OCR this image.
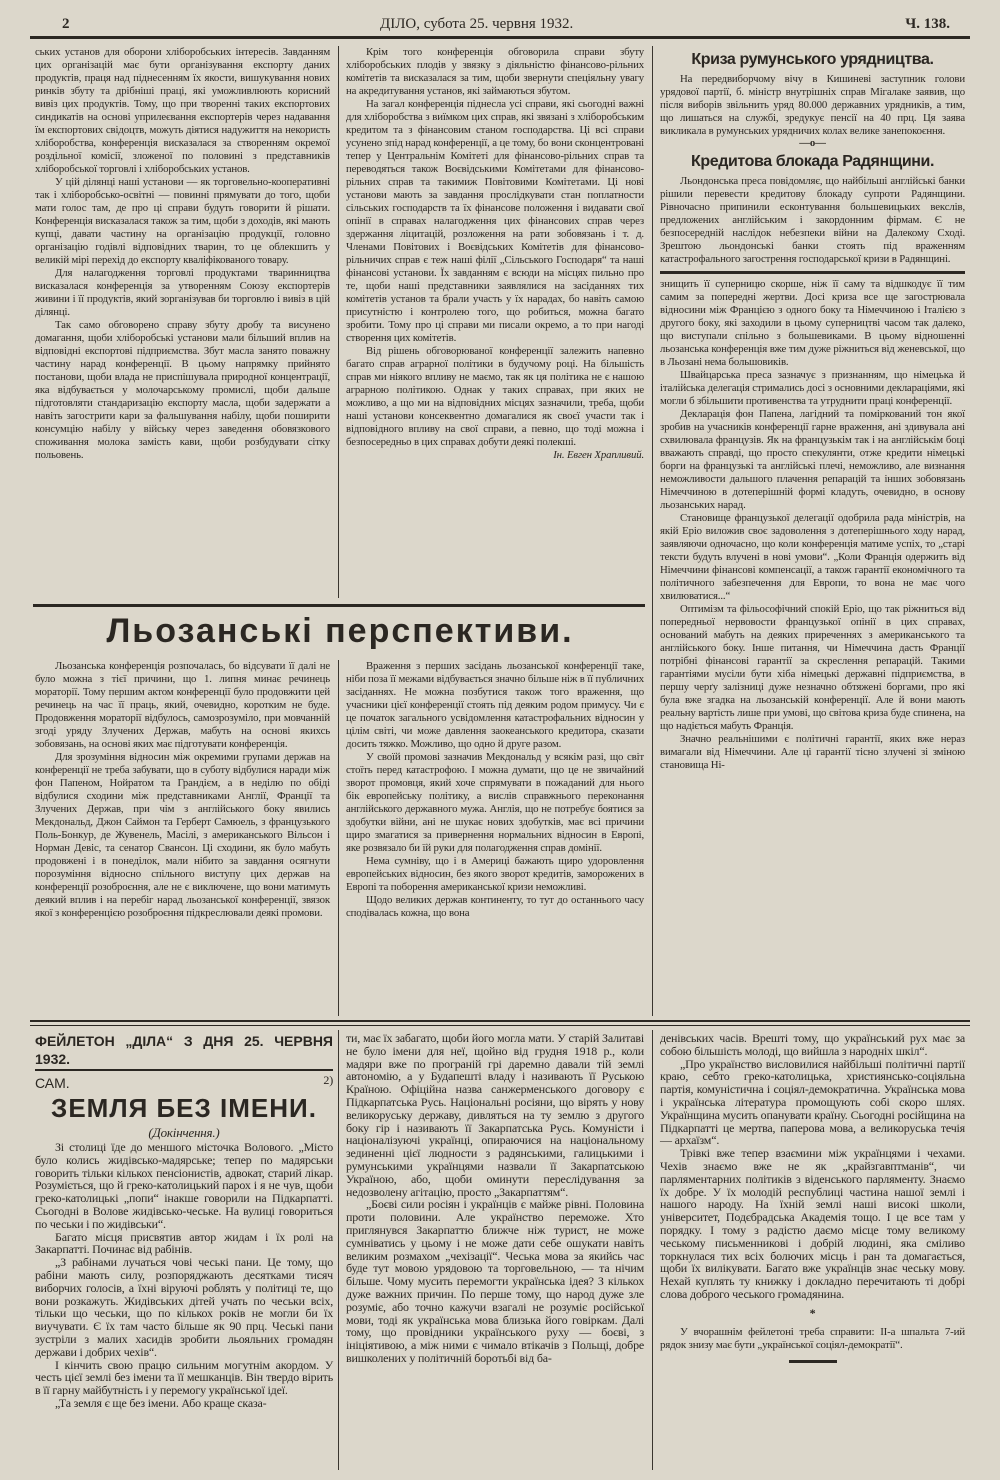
2	ДІЛО, субота 25. червня 1932.	Ч. 138.

ських установ для оборони хліборобських інтересів. Завданням цих організацій має бути організування експорту даних продуктів, праця над піднесенням їх якости, вишукування нових ринків збуту та дрібніші праці, які уможливлюють корисний вивіз цих продуктів. Тому, що при творенні таких експортових синдикатів на основі уприлеєвання експортерів через надавання їм експортових свідоцтв, можуть діятися надужиття на некористь хліборобства, конференція висказалася за створенням окремої роздільної комісії, зложеної по половині з представників хліборобської торговлі і хліборобських установ.

У цій ділянці наші установи — як торговельно-кооперативні так і хліборобсько-освітні — повинні прямувати до того, щоби мати голос там, де про ці справи будуть говорити й рішати. Конференція висказалася також за тим, щоби з доходів, які мають купці, давати частину на організацію продукції, головно організацію годівлі відповідних тварин, то це облекшить у великій мірі перехід до експорту кваліфікованого товару.

Для налагодження торговлі продуктами тваринництва висказалася конференція за утворенням Союзу експортерів живини і її продуктів, який зорганізував би торговлю і вивіз в цій ділянці.

Так само обговорено справу збуту дробу та висунено домагання, щоби хліборобські установи мали більший вплив на відповідні експортові підприємства. Збут масла занято поважну частину нарад конференції. В цьому напрямку прийнято постанови, щоби влада не приспішувала природної концентрації, яка відбувається у молочарському промислі, щоби дальше підготовляти стандаризацію експорту масла, щоби задержати а навіть загострити кари за фальшування набілу, щоби поширити консумцію набілу у війську через заведення обовязкового споживання молока замість кави, щоби розбудувати сітку польовень.

Крім того конференція обговорила справи збуту хліборобських плодів у звязку з діяльністю фінансово-рільних комітетів та висказалася за тим, щоби звернути спеціяльну увагу на акредитування установ, які займаються збутом.

На загал конференція піднесла усі справи, які сьогодні важні для хліборобства з виїмком цих справ, які звязані з хліборобським кредитом та з фінансовим станом господарства. Ці всі справи усунено зпід нарад конференції, а це тому, бо вони сконцентровані тепер у Центральнім Комітеті для фінансово-рільних справ та переводяться також Воєвідськими Комітетами для фінансово-рільних справ та такимиж Повітовими Комітетами. Ці нові установи мають за завдання прослідкувати стан поплатности сільських господарств та їх фінансове положення і видавати свої опінії в справах налагодження цих фінансових справ через здержання ліцитацій, розложення на рати зобовязань і т. д. Членами Повітових і Воєвідських Комітетів для фінансово-рільничих справ є теж наші філії „Сільського Господаря“ та наші фінансові установи. Їх завданням є всюди на місцях пильно про те, щоби наші представники заявлялися на засіданнях тих комітетів установ та брали участь у їх нарадах, бо навіть самою присутністю і контролею того, що робиться, можна багато зробити. Тому про ці справи ми писали окремо, а то при нагоді створення цих комітетів.

Від рішень обговорюваної конференції залежить напевно багато справ аграрної політики в будучому році. На більшість справ ми ніякого впливу не маємо, так як ця політика не є нашою аграрною політикою. Однак у таких справах, при яких не можливо, а що ми на відповідних місцях зазначили, треба, щоби наші установи консеквентно домагалися як своєї участи так і відповідного впливу на свої справи, а певно, що тоді можна і безпосередньо в цих справах добути деякі полекші.

Ін. Евген Храпливий.
Криза румунського урядництва.

На передвиборчому вічу в Кишиневі заступник голови урядової партії, б. міністр внутрішніх справ Мігалаке заявив, що після виборів звільнить уряд 80.000 державних урядників, а тим, що лишаться на службі, зредукує пенсії на 40 прц. Ця заява викликала в румунських урядничих колах велике занепокоєння.

—o—
Кредитова блокада Радянщини.

Льондонська преса повідомляє, що найбільші англійські банки рішили перевести кредитову блокаду супроти Радянщини. Рівночасно припинили есконтування большевицьких векслів, предложених англійським і закордонним фірмам. Є не безпосередній наслідок небезпеки війни на Далекому Сході. Зрештою льондонські банки стоять під враженням катастрофального загострення господарської кризи в Радянщині.

знищить її суперницю скорше, ніж її саму та відшкодує її тим самим за попередні жертви. Досі криза все ще загострювала відносини між Францією з одного боку та Німеччиною і Італією з другого боку, які заходили в цьому суперництві часом так далеко, що виступали спільно з большевиками. В цьому відношенні льозанська конференція вже тим дуже ріжниться від женевської, що в Льозані нема большовиків.

Швайцарська преса зазначує з признанням, що німецька й італійська делегація стримались досі з основними деклараціями, які могли б збільшити противенства та утруднити праці конференції.

Декларація фон Папена, лагідний та поміркований тон якої зробив на учасників конференції гарне враження, ані здивувала ані схвилювала французів. Як на французькім так і на англійськім боці вважають справді, що просто спекулянти, отже кредити німецькі борги на французькі та англійські плечі, неможливо, але визнання неможливости дальшого плачення репарацій та інших зобовязань Німеччиною в дотеперішній формі кладуть, очевидно, в основу льозанських нарад.

Становище французької делегації одобрила рада міністрів, на якій Еріо виложив своє задоволення з дотеперішнього ходу нарад, заявляючи одночасно, що коли конференція матиме успіх, то „старі тексти будуть влучені в нові умови“. „Коли Франція одержить від Німеччини фінансові компенсації, а також гарантії економічного та політичного забезпечення для Европи, то вона не має чого хвилюватися...“

Оптимізм та фільософічний спокій Еріо, що так ріжниться від попередньої нервовости французької опінії в цих справах, оснований мабуть на деяких приреченнях з американського та англійського боку. Інше питання, чи Німеччина дасть Франції потрібні фінансові гарантії за скреслення репарацій. Такими гарантіями мусіли бути хіба німецькі державні підприємства, в першу черґу залізниці дуже незначно обтяжені боргами, про які була вже згадка на льозанській конференції. Але й вони мають реальну вартість лише при умові, що світова криза буде спинена, на що надіється мабуть Франція.

Значно реальнішими є політичні гарантії, яких вже нераз вимагали від Німеччини. Але ці гарантії тісно злучені зі зміною становища Ні-

Льозанські перспективи.

Льозанська конференція розпочалась, бо відсувати її далі не було можна з тієї причини, що 1. липня минає речинець мораторії. Тому першим актом конференції було продовжити цей речинець на час її праць, який, очевидно, коротким не буде. Продовження мораторії відбулось, самозрозуміло, при мовчанній згоді уряду Злучених Держав, мабуть на основі якихсь зобовязань, на основі яких має підготувати конференція.

Для зрозуміння відносин між окремими групами держав на конференції не треба забувати, що в суботу відбулися наради між фон Папеном, Нойратом та Грандієм, а в неділю по обіді відбулися сходини між представниками Англії, Франції та Злучених Держав, при чім з англійського боку явились Мекдональд, Джон Саймон та Герберт Самюель, з французького Поль-Бонкур, де Жувенель, Масілі, з американського Вільсон і Норман Девіс, та сенатор Свансон. Ці сходини, як було мабуть продовжені і в понеділок, мали нібито за завдання осягнути порозуміння відносно спільного виступу цих держав на конференції розоброєння, але не є виключене, що вони матимуть деякий вплив і на перебіг нарад льозанської конференції, звязок якої з конференцією розоброєння підкреслювали деякі промови.

Враження з перших засідань льозанської конференції таке, ніби поза її межами відбувається значно більше ніж в її публичних засіданнях. Не можна позбутися також того враження, що учасники цієї конференції стоять під деяким родом примусу. Чи є це початок загального усвідомлення катастрофальних відносин у цілім світі, чи може давлення заокеанського кредитора, сказати досить тяжко. Можливо, що одно й друге разом.

У своїй промові зазначив Мекдональд у всякім разі, що світ стоїть перед катастрофою. І можна думати, що це не звичайний зворот промовця, який хоче спрямувати в пожаданий для нього бік европейську політику, а вислів справжнього переконання англійського державного мужа. Англія, що не потребує боятися за здобутки війни, ані не шукає нових здобутків, має всі причини щиро змагатися за привернення нормальних відносин в Европі, яке розвязало би їй руки для полагодження справ домінії.

Нема сумніву, що і в Америці бажають щиро удоровлення европейських відносин, без якого зворот кредитів, заморожених в Европі та поборення американської кризи неможливі.

Щодо великих держав континенту, то тут до останнього часу сподівалась кожна, що вона

ФЕЙЛЕТОН „ДІЛА“ З ДНЯ 25. ЧЕРВНЯ 1932.
САМ.	2)
ЗЕМЛЯ БЕЗ ІМЕНИ.
(Докінчення.)

Зі столиці їде до меншого місточка Волового. „Місто було колись жидівсько-мадярське; тепер по мадярськи говорить тільки кількох пенсіонистів, адвокат, старий лікар. Розуміється, що й греко-католицький парох і я не чув, щоби греко-католицькі „попи“ інакше говорили на Підкарпатті. Сьогодні в Волове жидівсько-чеське. На вулиці говориться по чеськи і по жидівськи“.

Багато місця присвятив автор жидам і їх ролі на Закарпатті. Починає від рабінів.

„З рабінами лучаться чові чеські пани. Це тому, що рабіни мають силу, розпоряджають десятками тисяч виборчих голосів, а їхні віруючі роблять у політиці те, що вони розкажуть. Жидівських дітей учать по чеськи всіх, тільки що чеськи, що по кількох років не могли би їх виучувати. Є їх там часто більше як 90 прц. Чеські пани зустріли з малих хасидів зробити льояльних громадян держави і добрих чехів“.

І кінчить свою працю сильним могутнім акордом. У честь цієї землі без імени та її мешканців. Він твердо вірить в її гарну майбутність і у перемогу української ідеї.

„Та земля є ще без імени. Або краще сказа-

ти, має їх забагато, щоби його могла мати. У старій Залитаві не було імени для неї, щойно від грудня 1918 р., коли мадяри вже по програній грі даремно давали тій землі автономію, а у Будапешті владу і називають її Руською Країною. Офіційна назва санжерменського договору є Підкарпатська Русь. Національні росіяни, що вірять у нову великоруську державу, дивляться на ту землю з другого боку гір і називають її Закарпатська Русь. Комуністи і націоналізуючі українці, опираючися на національному зединенні цієї людности з радянськими, галицькими і румунськими українцями назвали її Закарпатською Україною, або, щоби оминути переслідування за недозволену агітацію, просто „Закарпаттям“.

„Боєві сили росіян і українців є майже рівні. Половина проти половини. Але українство переможе. Хто приглянувся Закарпаттю ближче ніж турист, не може сумніватись у цьому і не може дати себе ошукати навіть великим розмахом „чехізації“. Чеська мова за якийсь час буде тут мовою урядовою та торговельною, — та нічим більше. Чому мусить перемогти українська ідея? З кількох дуже важних причин. По перше тому, що народ дуже зле розуміє, або точно кажучи взагалі не розуміє російської мови, тоді як українська мова близька його говіркам. Далі тому, що провідники українського руху — боєві, з ініціятивою, а між ними є чимало втікачів з Польщі, добре вишколених у політичній боротьбі від ба-

денівських часів. Врешті тому, що український рух має за собою більшість молоді, що вийшла з народніх шкіл“.

„Про українство висловилися найбільші політичні партії краю, себто греко-католицька, християнсько-соціяльна партія, комуністична і соціял-демократична. Українська мова і українська література промощують собі скоро шлях. Українщина мусить опанувати країну. Сьогодні російщина на Підкарпатті це мертва, паперова мова, а великоруська течія — архаїзм“.

Трівкі вже тепер взаємини між українцями і чехами. Чехів знаємо вже не як „крайзгавптманів“, чи парляментарних політиків з віденського парляменту. Знаємо їх добре. У їх молодій республиці частина нашої землі і нашого народу. На їхній землі наші високі школи, університет, Подєбрадська Академія тощо. І це все там у порядку. І тому з радістю даємо місце тому великому чеському письменникові і добрій людині, яка сміливо торкнулася тих всіх болючих місць і ран та домагається, щоби їх вилікувати. Багато вже українців знає чеську мову. Нехай куплять ту книжку і докладно перечитають ті добрі слова доброго чеського громадянина.

*

У вчорашнім фейлетоні треба справити: ІІ-а шпальта 7-ий рядок знизу має бути „української соціял-демократії“.
